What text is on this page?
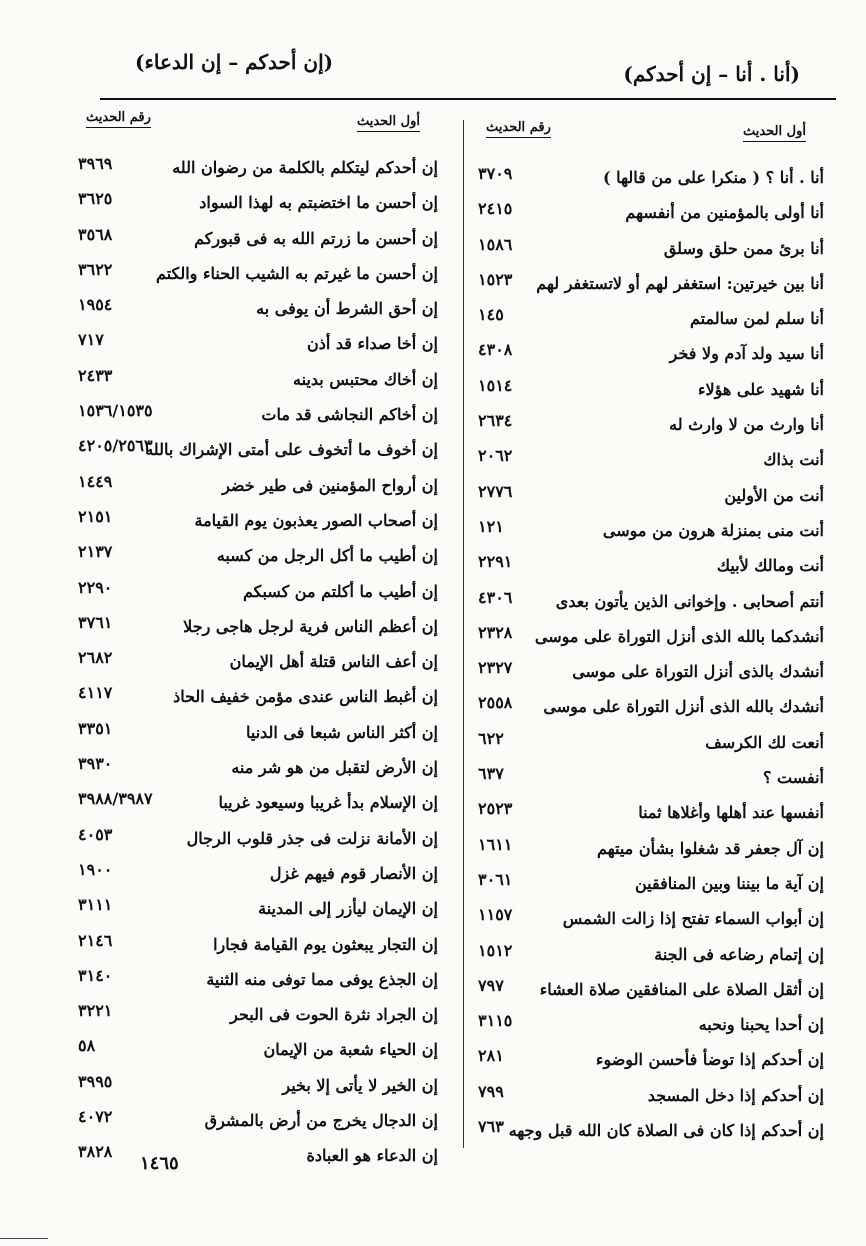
(أنا . أنا – إن أحدكم)
(إن أحدكم – إن الدعاء)
أول الحديث
رقم الحديث
أنا . أنا ؟ ( منكرا على من قالها )
٣٧٠٩
أنا أولى بالمؤمنين من أنفسهم
٢٤١٥
أنا برئ ممن حلق وسلق
١٥٨٦
أنا بين خيرتين: استغفر لهم أو لاتستغفر لهم
١٥٢٣
أنا سلم لمن سالمتم
١٤٥
أنا سيد ولد آدم ولا فخر
٤٣٠٨
أنا شهيد على هؤلاء
١٥١٤
أنا وارث من لا وارث له
٢٦٣٤
أنت بذاك
٢٠٦٢
أنت من الأولين
٢٧٧٦
أنت منى بمنزلة هرون من موسى
١٢١
أنت ومالك لأبيك
٢٢٩١
أنتم أصحابى . وإخوانى الذين يأتون بعدى
٤٣٠٦
أنشدكما بالله الذى أنزل التوراة على موسى
٢٣٢٨
أنشدك بالذى أنزل التوراة على موسى
٢٣٢٧
أنشدك بالله الذى أنزل التوراة على موسى
٢٥٥٨
أنعت لك الكرسف
٦٢٢
أنفست ؟
٦٣٧
أنفسها عند أهلها وأغلاها ثمنا
٢٥٢٣
إن آل جعفر قد شغلوا بشأن ميتهم
١٦١١
إن آية ما بيننا وبين المنافقين
٣٠٦١
إن أبواب السماء تفتح إذا زالت الشمس
١١٥٧
إن إتمام رضاعه فى الجنة
١٥١٢
إن أثقل الصلاة على المنافقين صلاة العشاء
٧٩٧
إن أحدا يحبنا ونحبه
٣١١٥
إن أحدكم إذا توضأ فأحسن الوضوء
٢٨١
إن أحدكم إذا دخل المسجد
٧٩٩
إن أحدكم إذا كان فى الصلاة كان الله قبل وجهه
٧٦٣
أول الحديث
رقم الحديث
إن أحدكم ليتكلم بالكلمة من رضوان الله
٣٩٦٩
إن أحسن ما اختضبتم به لهذا السواد
٣٦٢٥
إن أحسن ما زرتم الله به فى قبوركم
٣٥٦٨
إن أحسن ما غيرتم به الشيب الحناء والكتم
٣٦٢٢
إن أحق الشرط أن يوفى به
١٩٥٤
إن أخا صداء قد أذن
٧١٧
إن أخاك محتبس بدينه
٢٤٣٣
إن أخاكم النجاشى قد مات
١٥٣٦/١٥٣٥
إن أخوف ما أتخوف على أمتى الإشراك بالله
٤٢٠٥/٢٥٦٣
إن أرواح المؤمنين فى طير خضر
١٤٤٩
إن أصحاب الصور يعذبون يوم القيامة
٢١٥١
إن أطيب ما أكل الرجل من كسبه
٢١٣٧
إن أطيب ما أكلتم من كسبكم
٢٢٩٠
إن أعظم الناس فرية لرجل هاجى رجلا
٣٧٦١
إن أعف الناس قتلة أهل الإيمان
٢٦٨٢
إن أغبط الناس عندى مؤمن خفيف الحاذ
٤١١٧
إن أكثر الناس شبعا فى الدنيا
٣٣٥١
إن الأرض لتقبل من هو شر منه
٣٩٣٠
إن الإسلام بدأ غريبا وسيعود غريبا
٣٩٨٨/٣٩٨٧
إن الأمانة نزلت فى جذر قلوب الرجال
٤٠٥٣
إن الأنصار قوم فيهم غزل
١٩٠٠
إن الإيمان ليأزر إلى المدينة
٣١١١
إن التجار يبعثون يوم القيامة فجارا
٢١٤٦
إن الجذع يوفى مما توفى منه الثنية
٣١٤٠
إن الجراد نثرة الحوت فى البحر
٣٢٢١
إن الحياء شعبة من الإيمان
٥٨
إن الخير لا يأتى إلا بخير
٣٩٩٥
إن الدجال يخرج من أرض بالمشرق
٤٠٧٢
إن الدعاء هو العبادة
٣٨٢٨
١٤٦٥
